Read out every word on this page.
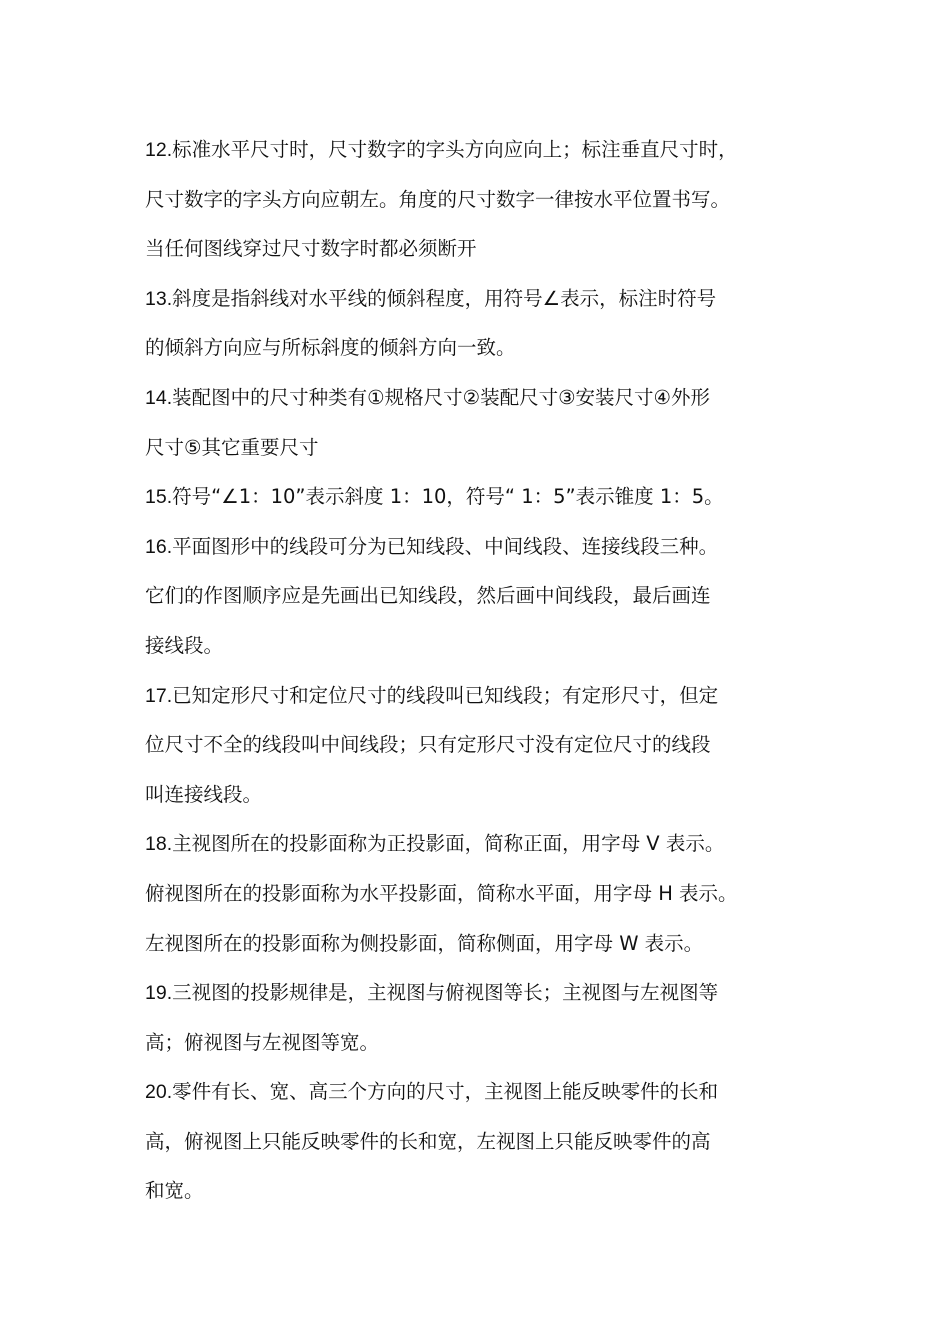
12.标准水平尺寸时，尺寸数字的字头方向应向上；标注垂直尺寸时，
尺寸数字的字头方向应朝左。角度的尺寸数字一律按水平位置书写。
当任何图线穿过尺寸数字时都必须断开
13.斜度是指斜线对水平线的倾斜程度，用符号∠表示，标注时符号
的倾斜方向应与所标斜度的倾斜方向一致。
14.装配图中的尺寸种类有①规格尺寸②装配尺寸③安装尺寸④外形
尺寸⑤其它重要尺寸
15.符号“∠1：10”表示斜度 1：10，符号“ 1：5”表示锥度 1：5。
16.平面图形中的线段可分为已知线段、中间线段、连接线段三种。
它们的作图顺序应是先画出已知线段，然后画中间线段，最后画连
接线段。
17.已知定形尺寸和定位尺寸的线段叫已知线段；有定形尺寸，但定
位尺寸不全的线段叫中间线段；只有定形尺寸没有定位尺寸的线段
叫连接线段。
18.主视图所在的投影面称为正投影面，简称正面，用字母 V 表示。
俯视图所在的投影面称为水平投影面，简称水平面，用字母 H 表示。
左视图所在的投影面称为侧投影面，简称侧面，用字母 W 表示。
19.三视图的投影规律是，主视图与俯视图等长；主视图与左视图等
高；俯视图与左视图等宽。
20.零件有长、宽、高三个方向的尺寸，主视图上能反映零件的长和
高，俯视图上只能反映零件的长和宽，左视图上只能反映零件的高
和宽。
